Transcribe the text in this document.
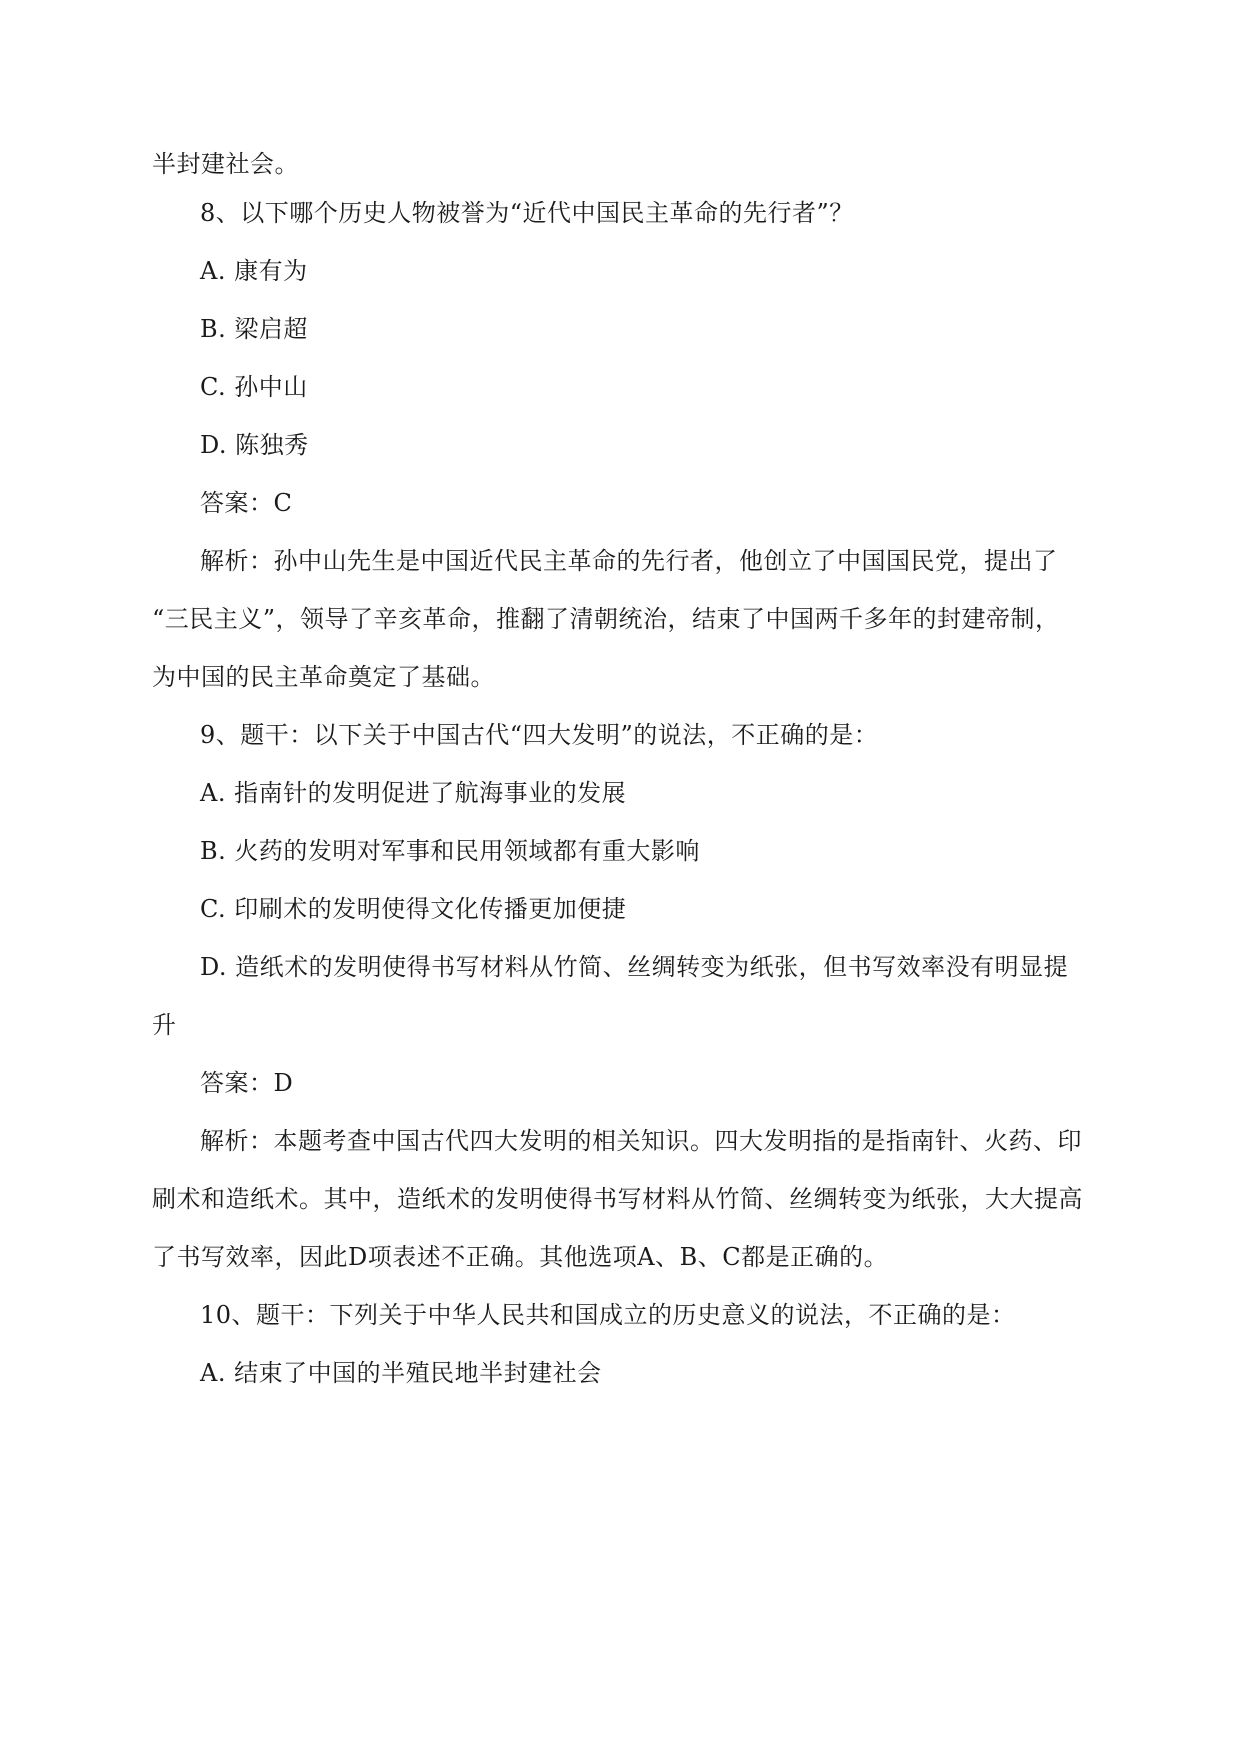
半封建社会。
8、以下哪个历史人物被誉为“近代中国民主革命的先行者”？
A. 康有为
B. 梁启超
C. 孙中山
D. 陈独秀
答案：C
解析：孙中山先生是中国近代民主革命的先行者，他创立了中国国民党，提出了
“三民主义”，领导了辛亥革命，推翻了清朝统治，结束了中国两千多年的封建帝制，
为中国的民主革命奠定了基础。
9、题干：以下关于中国古代“四大发明”的说法，不正确的是：
A. 指南针的发明促进了航海事业的发展
B. 火药的发明对军事和民用领域都有重大影响
C. 印刷术的发明使得文化传播更加便捷
D. 造纸术的发明使得书写材料从竹简、丝绸转变为纸张，但书写效率没有明显提
升
答案：D
解析：本题考查中国古代四大发明的相关知识。四大发明指的是指南针、火药、印
刷术和造纸术。其中，造纸术的发明使得书写材料从竹简、丝绸转变为纸张，大大提高
了书写效率，因此D项表述不正确。其他选项A、B、C都是正确的。
10、题干：下列关于中华人民共和国成立的历史意义的说法，不正确的是：
A. 结束了中国的半殖民地半封建社会
